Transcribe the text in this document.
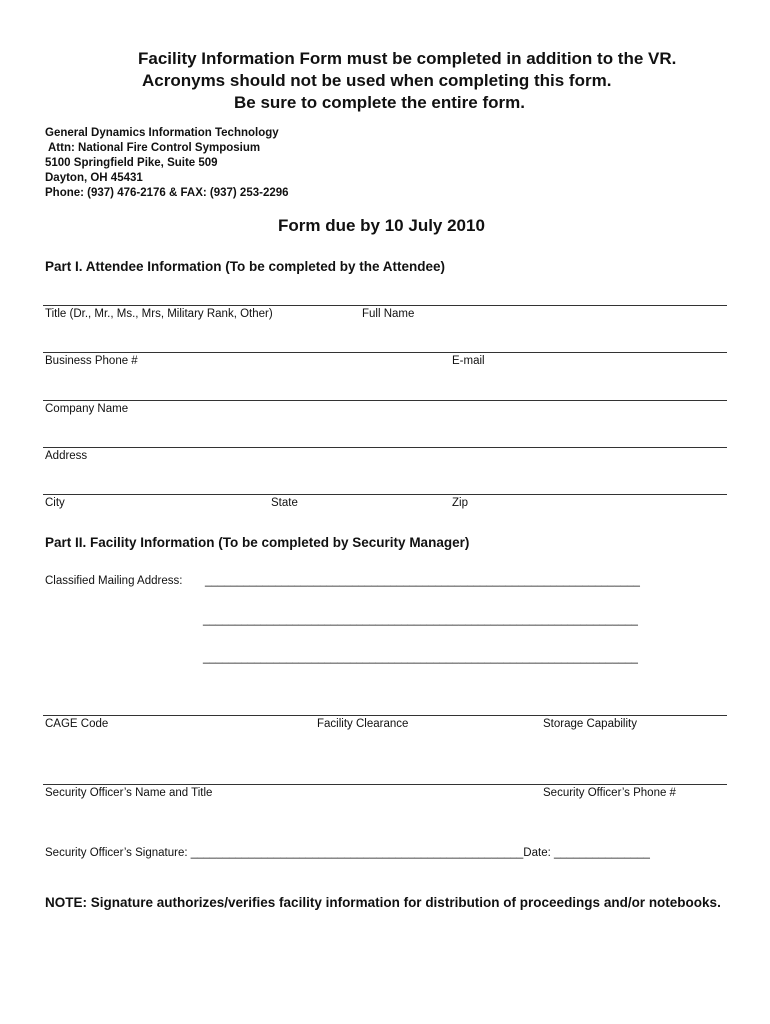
Facility Information Form must be completed in addition to the VR.
Acronyms should not be used when completing this form.
Be sure to complete the entire form.
General Dynamics Information Technology
Attn: National Fire Control Symposium
5100 Springfield Pike, Suite 509
Dayton, OH 45431
Phone: (937) 476-2176 & FAX: (937) 253-2296
Form due by 10 July 2010
Part I. Attendee Information (To be completed by the Attendee)
Title (Dr., Mr., Ms., Mrs, Military Rank, Other)	Full Name
Business Phone #	E-mail
Company Name
Address
City	State	Zip
Part II. Facility Information (To be completed by Security Manager)
Classified Mailing Address: ____________________________________________________________________
____________________________________________________________________
____________________________________________________________________
CAGE Code	Facility Clearance	Storage Capability
Security Officer’s Name and Title	Security Officer’s Phone #
Security Officer’s Signature: ____________________________________________________Date: _______________
NOTE: Signature authorizes/verifies facility information for distribution of proceedings and/or notebooks.
